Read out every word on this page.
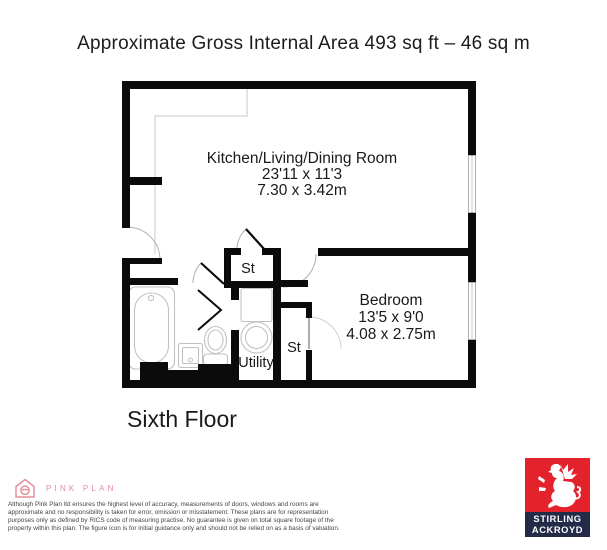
Approximate Gross Internal Area 493 sq ft – 46 sq m
Kitchen/Living/Dining Room
23'11 x 11'3
7.30 x 3.42m
Bedroom
13'5 x 9'0
4.08 x 2.75m
St
St
Utility
Sixth Floor
PINK PLAN
Although Pink Plan ltd ensures the highest level of accuracy, measurements of doors, windows and rooms are
approximate and no responsibility is taken for error, omission or misstatement. These plans are for representation
purposes only as defined by RICS code of measuring practise. No guarantee is given on total square footage of the
property within this plan. The figure icon is for initial guidance only and should not be relied on as a basis of valuation.
STIRLING
ACKROYD
